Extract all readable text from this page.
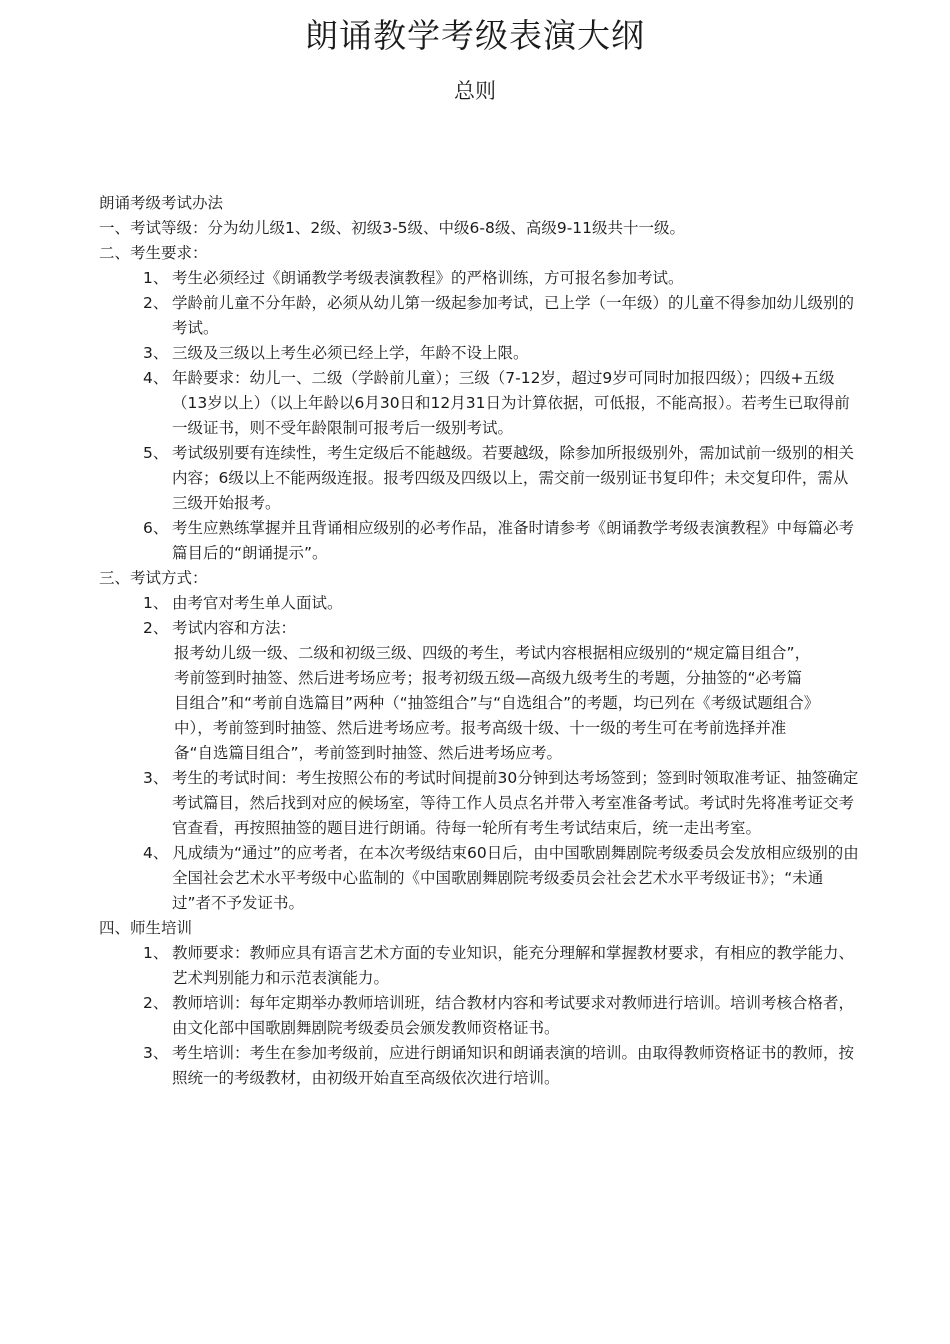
朗诵教学考级表演大纲
总则

朗诵考级考试办法

一、考试等级：分为幼儿级1、2级、初级3-5级、中级6-8级、高级9-11级共十一级。

二、考生要求：

1、 考生必须经过《朗诵教学考级表演教程》的严格训练，方可报名参加考试。
2、 学龄前儿童不分年龄，必须从幼儿第一级起参加考试，已上学（一年级）的儿童不得参加幼儿级别的考试。
3、 三级及三级以上考生必须已经上学，年龄不设上限。
4、 年龄要求：幼儿一、二级（学龄前儿童）；三级（7-12岁，超过9岁可同时加报四级）；四级+五级（13岁以上）（以上年龄以6月30日和12月31日为计算依据，可低报，不能高报）。若考生已取得前一级证书，则不受年龄限制可报考后一级别考试。
5、 考试级别要有连续性，考生定级后不能越级。若要越级，除参加所报级别外，需加试前一级别的相关内容；6级以上不能两级连报。报考四级及四级以上，需交前一级别证书复印件；未交复印件，需从三级开始报考。
6、 考生应熟练掌握并且背诵相应级别的必考作品，准备时请参考《朗诵教学考级表演教程》中每篇必考篇目后的“朗诵提示”。

三、考试方式：

1、 由考官对考生单人面试。
2、 考试内容和方法：

报考幼儿级一级、二级和初级三级、四级的考生，考试内容根据相应级别的“规定篇目组合”，考前签到时抽签、然后进考场应考；报考初级五级—高级九级考生的考题，分抽签的“必考篇目组合”和“考前自选篇目”两种（“抽签组合”与“自选组合”的考题，均已列在《考级试题组合》中），考前签到时抽签、然后进考场应考。报考高级十级、十一级的考生可在考前选择并准备“自选篇目组合”，考前签到时抽签、然后进考场应考。

3、 考生的考试时间：考生按照公布的考试时间提前30分钟到达考场签到；签到时领取准考证、抽签确定考试篇目，然后找到对应的候场室，等待工作人员点名并带入考室准备考试。考试时先将准考证交考官查看，再按照抽签的题目进行朗诵。待每一轮所有考生考试结束后，统一走出考室。
4、 凡成绩为“通过”的应考者，在本次考级结束60日后，由中国歌剧舞剧院考级委员会发放相应级别的由全国社会艺术水平考级中心监制的《中国歌剧舞剧院考级委员会社会艺术水平考级证书》；“未通过”者不予发证书。

四、师生培训

1、 教师要求：教师应具有语言艺术方面的专业知识，能充分理解和掌握教材要求，有相应的教学能力、艺术判别能力和示范表演能力。
2、 教师培训：每年定期举办教师培训班，结合教材内容和考试要求对教师进行培训。培训考核合格者，由文化部中国歌剧舞剧院考级委员会颁发教师资格证书。
3、 考生培训：考生在参加考级前，应进行朗诵知识和朗诵表演的培训。由取得教师资格证书的教师，按照统一的考级教材，由初级开始直至高级依次进行培训。
